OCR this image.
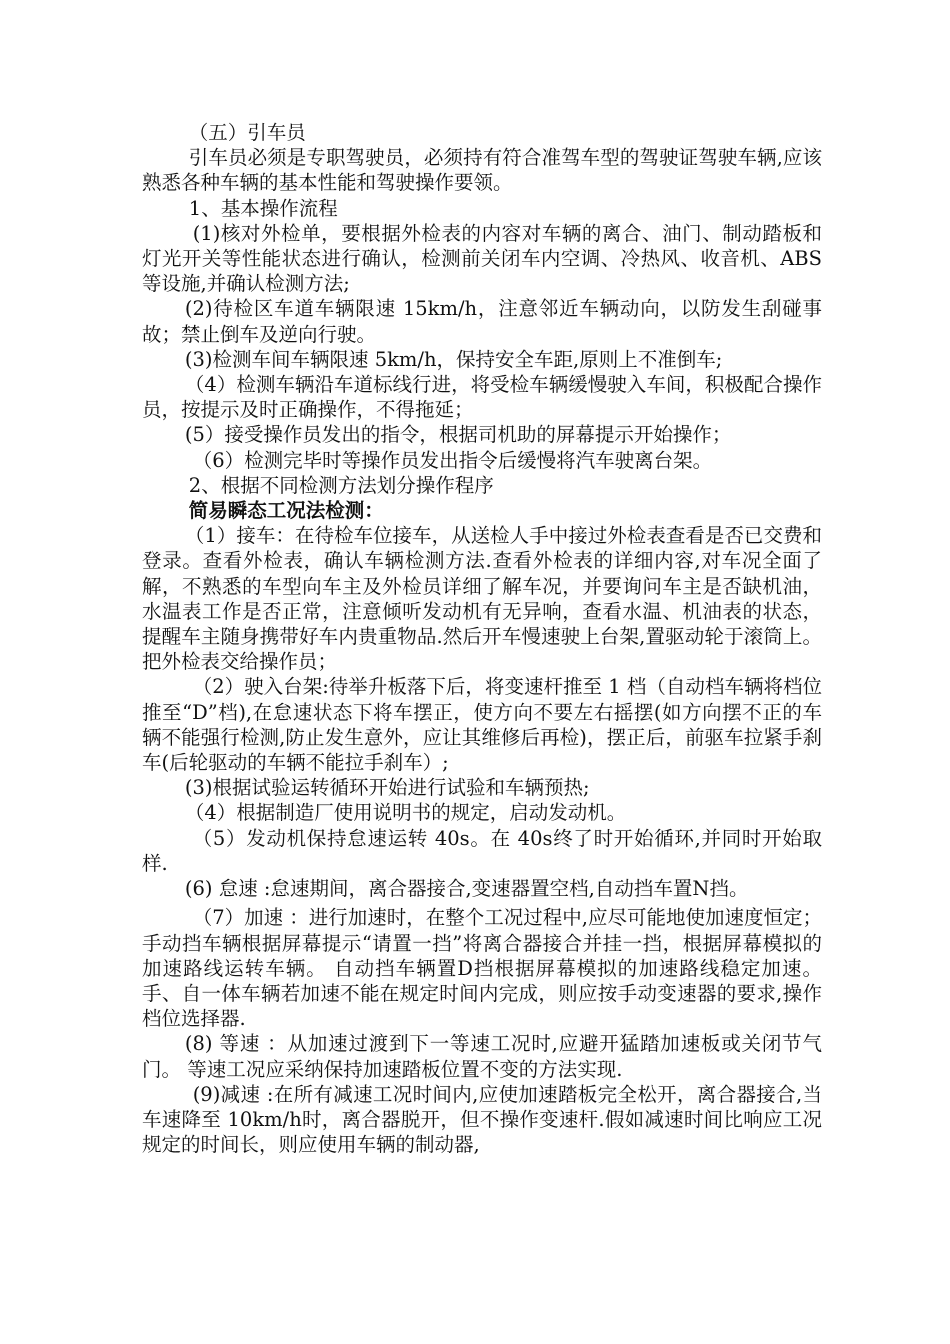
（五）引车员

引车员必须是专职驾驶员，必须持有符合准驾车型的驾驶证驾驶车辆,应该熟悉各种车辆的基本性能和驾驶操作要领。

1、基本操作流程

(1)核对外检单，要根据外检表的内容对车辆的离合、油门、制动踏板和灯光开关等性能状态进行确认，检测前关闭车内空调、冷热风、收音机、ABS等设施,并确认检测方法;

(2)待检区车道车辆限速 15km/h，注意邻近车辆动向，以防发生刮碰事故；禁止倒车及逆向行驶。

(3)检测车间车辆限速 5km/h，保持安全车距,原则上不准倒车;

（4）检测车辆沿车道标线行进，将受检车辆缓慢驶入车间，积极配合操作员，按提示及时正确操作，不得拖延；

(5）接受操作员发出的指令，根据司机助的屏幕提示开始操作；

（6）检测完毕时等操作员发出指令后缓慢将汽车驶离台架。

2、根据不同检测方法划分操作程序

简易瞬态工况法检测：

（1）接车：在待检车位接车，从送检人手中接过外检表查看是否已交费和登录。查看外检表，确认车辆检测方法.查看外检表的详细内容,对车况全面了解，不熟悉的车型向车主及外检员详细了解车况，并要询问车主是否缺机油，水温表工作是否正常，注意倾听发动机有无异响，查看水温、机油表的状态，提醒车主随身携带好车内贵重物品.然后开车慢速驶上台架,置驱动轮于滚筒上。把外检表交给操作员；

（2）驶入台架:待举升板落下后，将变速杆推至 1 档（自动档车辆将档位推至“D”档),在怠速状态下将车摆正，使方向不要左右摇摆(如方向摆不正的车辆不能强行检测,防止发生意外，应让其维修后再检)，摆正后，前驱车拉紧手刹车(后轮驱动的车辆不能拉手刹车）;

(3)根据试验运转循环开始进行试验和车辆预热;

（4）根据制造厂使用说明书的规定，启动发动机。

（5）发动机保持怠速运转 40s。在 40s终了时开始循环,并同时开始取样.

(6) 怠速 :怠速期间，离合器接合,变速器置空档,自动挡车置N挡。

（7）加速 ：进行加速时，在整个工况过程中,应尽可能地使加速度恒定；手动挡车辆根据屏幕提示“请置一挡”将离合器接合并挂一挡，根据屏幕模拟的加速路线运转车辆。 自动挡车辆置D挡根据屏幕模拟的加速路线稳定加速。手、自一体车辆若加速不能在规定时间内完成，则应按手动变速器的要求,操作档位选择器.

(8) 等速 ：从加速过渡到下一等速工况时,应避开猛踏加速板或关闭节气门。 等速工况应采纳保持加速踏板位置不变的方法实现.

(9)减速 :在所有减速工况时间内,应使加速踏板完全松开，离合器接合,当车速降至 10km/h时，离合器脱开，但不操作变速杆.假如减速时间比响应工况规定的时间长，则应使用车辆的制动器,
